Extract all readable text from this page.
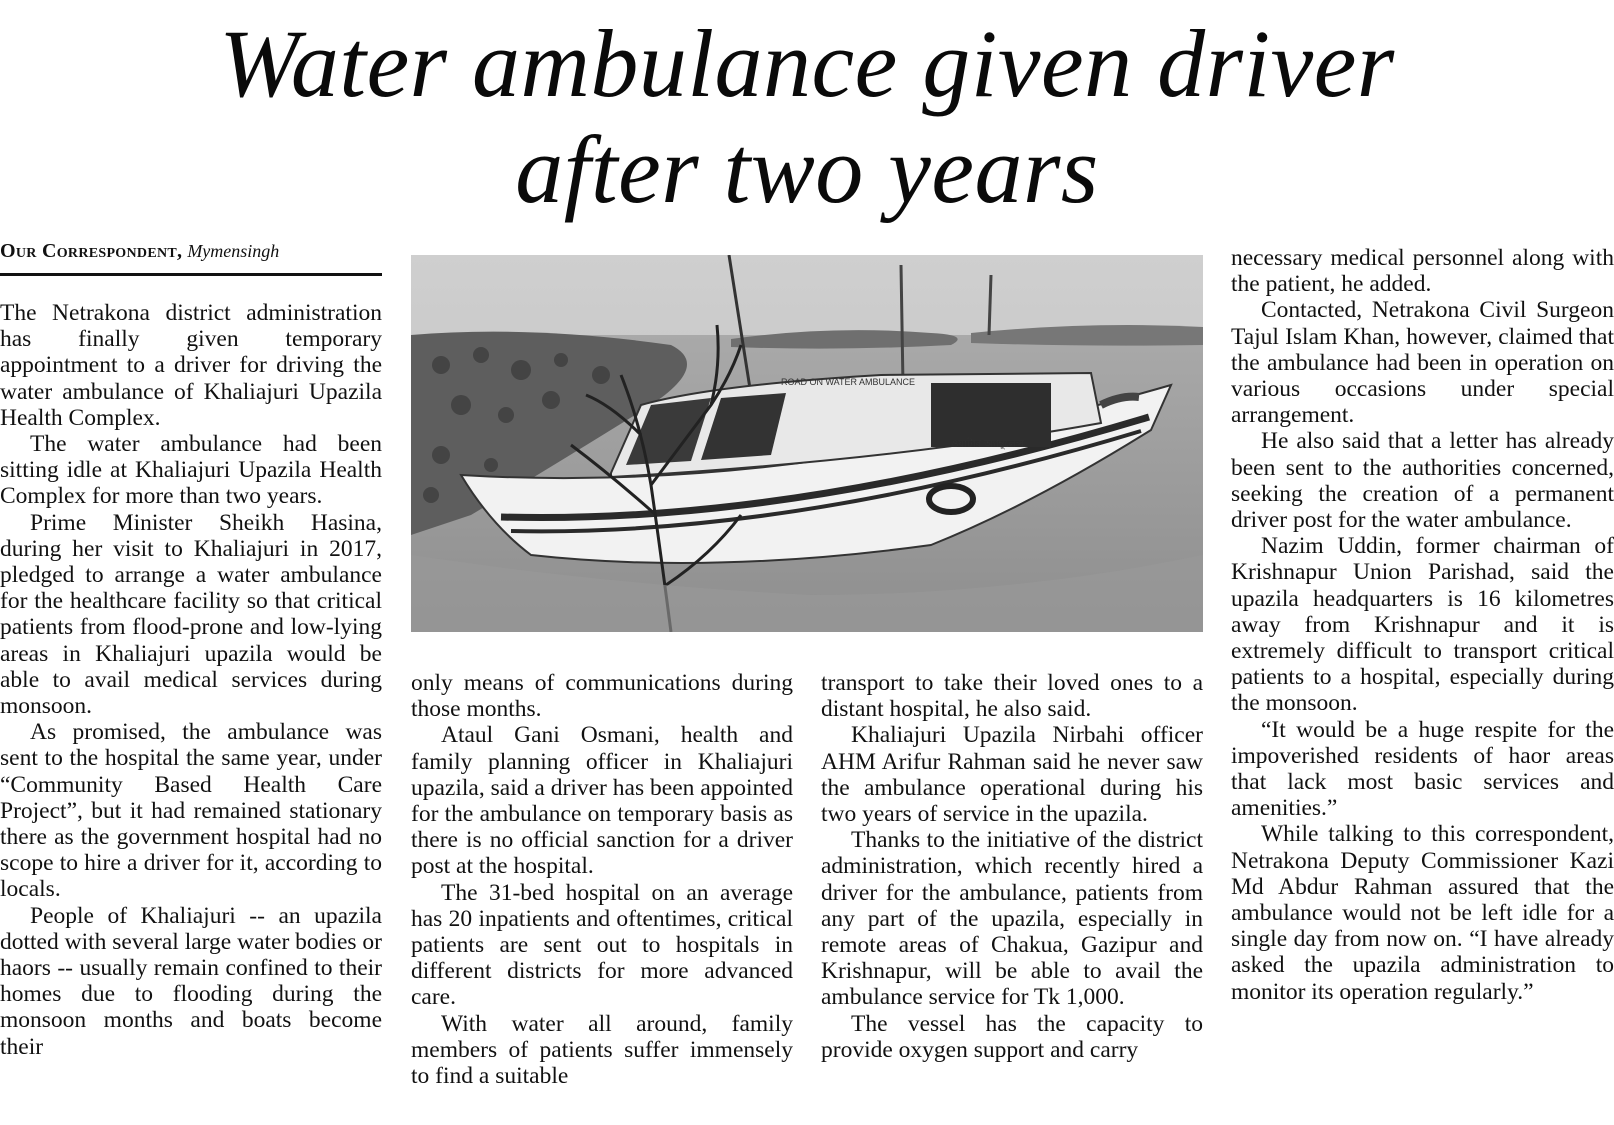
Water ambulance given driver
after two years
Our Correspondent, Mymensingh

The Netrakona district administration has finally given temporary appointment to a driver for driving the water ambulance of Khaliajuri Upazila Health Complex.

The water ambulance had been sitting idle at Khaliajuri Upazila Health Complex for more than two years.

Prime Minister Sheikh Hasina, during her visit to Khaliajuri in 2017, pledged to arrange a water ambulance for the healthcare facility so that critical patients from flood-prone and low-lying areas in Khaliajuri upazila would be able to avail medical services during monsoon.

As promised, the ambulance was sent to the hospital the same year, under “Community Based Health Care Project”, but it had remained stationary there as the government hospital had no scope to hire a driver for it, according to locals.

People of Khaliajuri -- an upazila dotted with several large water bodies or haors -- usually remain confined to their homes due to flooding during the monsoon months and boats become their

ROAD ON WATER AMBULANCE
ওয়াটার অ্যাম্বুলেন্স

only means of communications during those months.

Ataul Gani Osmani, health and family planning officer in Khaliajuri upazila, said a driver has been appointed for the ambulance on temporary basis as there is no official sanction for a driver post at the hospital.

The 31-bed hospital on an average has 20 inpatients and oftentimes, critical patients are sent out to hospitals in different districts for more advanced care.

With water all around, family members of patients suffer immensely to find a suitable

transport to take their loved ones to a distant hospital, he also said.

Khaliajuri Upazila Nirbahi officer AHM Arifur Rahman said he never saw the ambulance operational during his two years of service in the upazila.

Thanks to the initiative of the district administration, which recently hired a driver for the ambulance, patients from any part of the upazila, especially in remote areas of Chakua, Gazipur and Krishnapur, will be able to avail the ambulance service for Tk 1,000.

The vessel has the capacity to provide oxygen support and carry

necessary medical personnel along with the patient, he added.

Contacted, Netrakona Civil Surgeon Tajul Islam Khan, however, claimed that the ambulance had been in operation on various occasions under special arrangement.

He also said that a letter has already been sent to the authorities concerned, seeking the creation of a permanent driver post for the water ambulance.

Nazim Uddin, former chairman of Krishnapur Union Parishad, said the upazila headquarters is 16 kilometres away from Krishnapur and it is extremely difficult to transport critical patients to a hospital, especially during the monsoon.

“It would be a huge respite for the impoverished residents of haor areas that lack most basic services and amenities.”

While talking to this correspondent, Netrakona Deputy Commissioner Kazi Md Abdur Rahman assured that the ambulance would not be left idle for a single day from now on. “I have already asked the upazila administration to monitor its operation regularly.”
